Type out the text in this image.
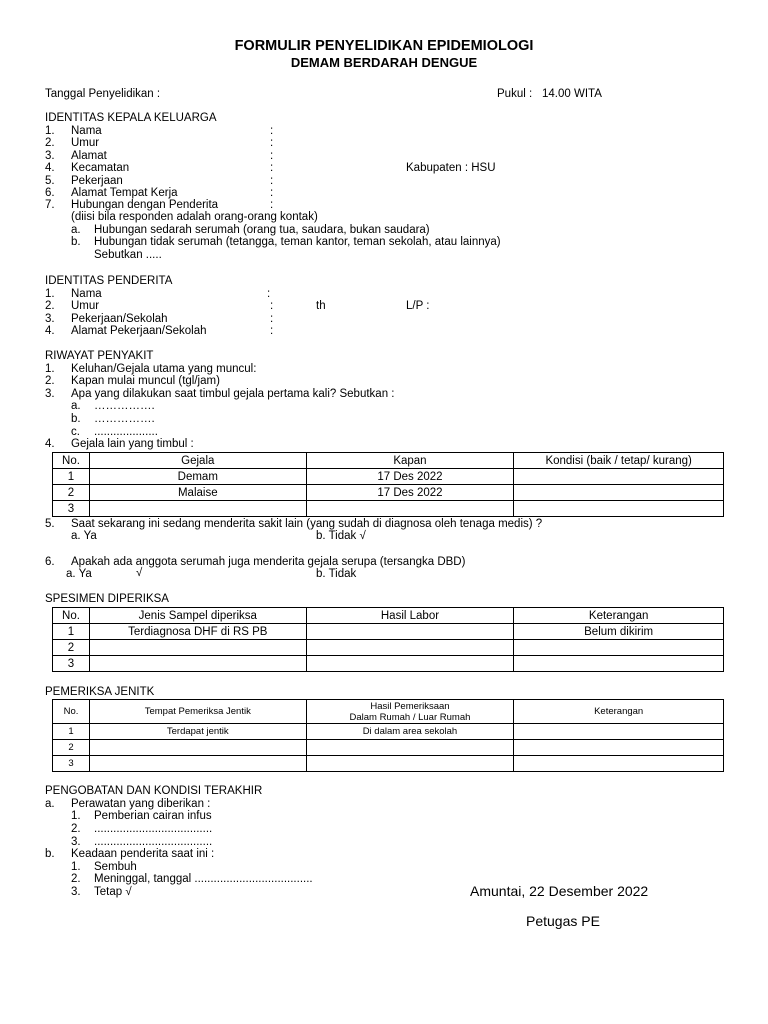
FORMULIR PENYELIDIKAN EPIDEMIOLOGI
DEMAM BERDARAH DENGUE
Tanggal Penyelidikan :	Pukul : 14.00 WITA
IDENTITAS KEPALA KELUARGA
1. Nama	:
2. Umur	:
3. Alamat	:
4. Kecamatan	:	Kabupaten : HSU
5. Pekerjaan	:
6. Alamat Tempat Kerja	:
7. Hubungan dengan Penderita	:
(diisi bila responden adalah orang-orang kontak)
a. Hubungan sedarah serumah (orang tua, saudara, bukan saudara)
b. Hubungan tidak serumah (tetangga, teman kantor, teman sekolah, atau lainnya)
Sebutkan .....
IDENTITAS PENDERITA
1. Nama	:
2. Umur	:	th	L/P :
3. Pekerjaan/Sekolah	:
4. Alamat Pekerjaan/Sekolah	:
RIWAYAT PENYAKIT
1. Keluhan/Gejala utama yang muncul:
2. Kapan mulai muncul (tgl/jam)
3. Apa yang dilakukan saat timbul gejala pertama kali? Sebutkan :
a. …………….
b. …………….
c. ....................
4. Gejala lain yang timbul :
No.	Gejala	Kapan	Kondisi (baik / tetap/ kurang)
1	Demam	17 Des 2022	
2	Malaise	17 Des 2022	
3			
5. Saat sekarang ini sedang menderita sakit lain (yang sudah di diagnosa oleh tenaga medis) ?
a. Ya	b. Tidak √
6. Apakah ada anggota serumah juga menderita gejala serupa (tersangka DBD)
a. Ya	√	b. Tidak
SPESIMEN DIPERIKSA
No.	Jenis Sampel diperiksa	Hasil Labor	Keterangan
1	Terdiagnosa DHF di RS PB		Belum dikirim
2			
3			
PEMERIKSA JENITK
No.	Tempat Pemeriksa Jentik	Hasil Pemeriksaan
Dalam Rumah / Luar Rumah	Keterangan
1	Terdapat jentik	Di dalam area sekolah	
2			
3			
PENGOBATAN DAN KONDISI TERAKHIR
a. Perawatan yang diberikan :
1. Pemberian cairan infus
2. .....................................
3. .....................................
b. Keadaan penderita saat ini :
1. Sembuh
2. Meninggal, tanggal .....................................
3. Tetap √	Amuntai, 22 Desember 2022
Petugas PE
